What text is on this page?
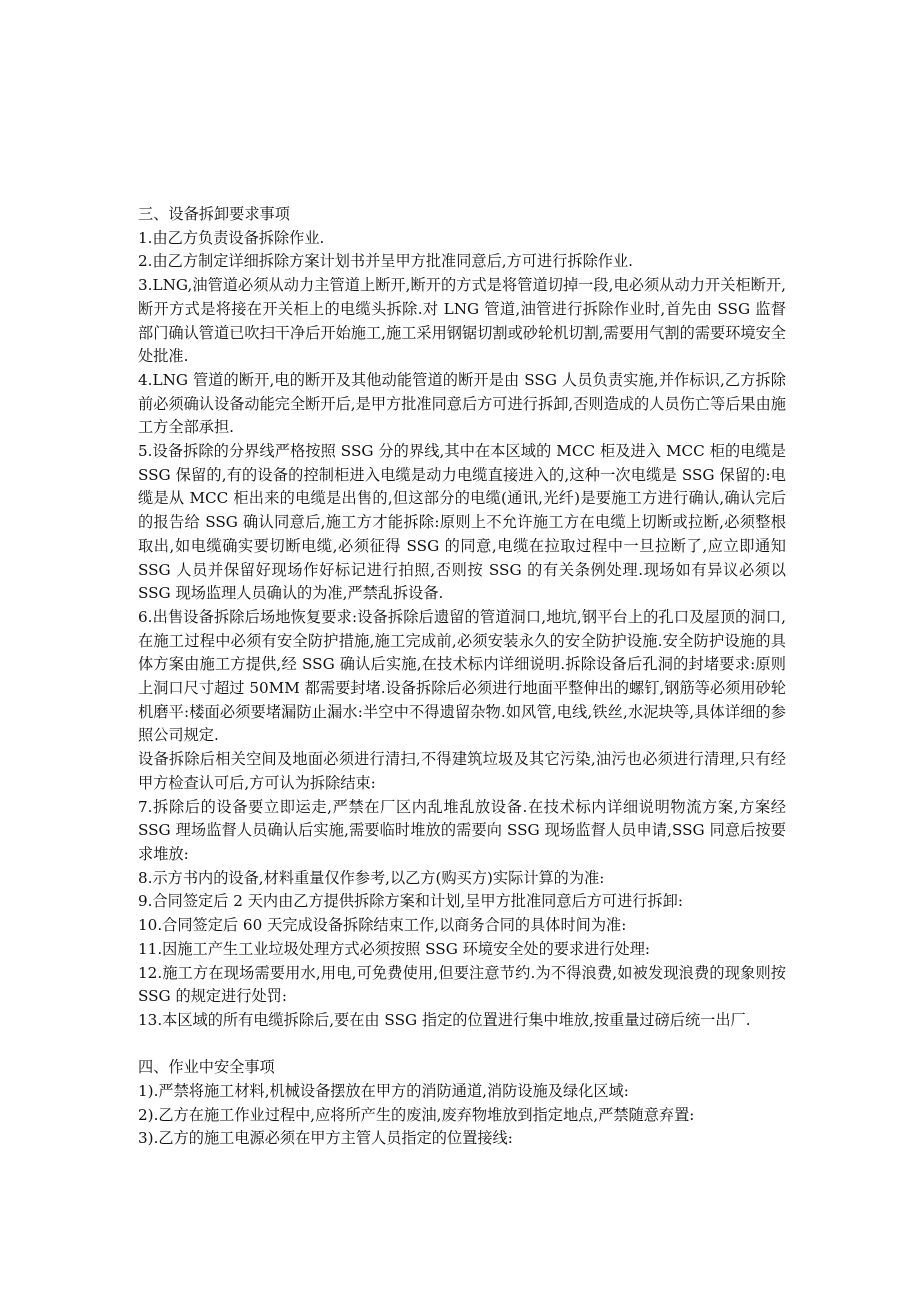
三、设备拆卸要求事项

1.由乙方负责设备拆除作业.

2.由乙方制定详细拆除方案计划书并呈甲方批准同意后,方可进行拆除作业.

3.LNG,油管道必须从动力主管道上断开,断开的方式是将管道切掉一段,电必须从动力开关柜断开,断开方式是将接在开关柜上的电缆头拆除.对 LNG 管道,油管进行拆除作业时,首先由 SSG 监督部门确认管道已吹扫干净后开始施工,施工采用钢锯切割或砂轮机切割,需要用气割的需要环境安全处批准.

4.LNG 管道的断开,电的断开及其他动能管道的断开是由 SSG 人员负责实施,并作标识,乙方拆除前必须确认设备动能完全断开后,是甲方批准同意后方可进行拆卸,否则造成的人员伤亡等后果由施工方全部承担.

5.设备拆除的分界线严格按照 SSG 分的界线,其中在本区域的 MCC 柜及进入 MCC 柜的电缆是 SSG 保留的,有的设备的控制柜进入电缆是动力电缆直接进入的,这种一次电缆是 SSG 保留的:电缆是从 MCC 柜出来的电缆是出售的,但这部分的电缆(通讯,光纤)是要施工方进行确认,确认完后的报告给 SSG 确认同意后,施工方才能拆除:原则上不允许施工方在电缆上切断或拉断,必须整根取出,如电缆确实要切断电缆,必须征得 SSG 的同意,电缆在拉取过程中一旦拉断了,应立即通知 SSG 人员并保留好现场作好标记进行拍照,否则按 SSG 的有关条例处理.现场如有异议必须以 SSG 现场监理人员确认的为准,严禁乱拆设备.

6.出售设备拆除后场地恢复要求:设备拆除后遗留的管道洞口,地坑,钢平台上的孔口及屋顶的洞口,在施工过程中必须有安全防护措施,施工完成前,必须安装永久的安全防护设施.安全防护设施的具体方案由施工方提供,经 SSG 确认后实施,在技术标内详细说明.拆除设备后孔洞的封堵要求:原则上洞口尺寸超过 50MM 都需要封堵.设备拆除后必须进行地面平整伸出的螺钉,钢筋等必须用砂轮机磨平:楼面必须要堵漏防止漏水:半空中不得遗留杂物.如风管,电线,铁丝,水泥块等,具体详细的参照公司规定.

设备拆除后相关空间及地面必须进行清扫,不得建筑垃圾及其它污染,油污也必须进行清理,只有经甲方检查认可后,方可认为拆除结束:

7.拆除后的设备要立即运走,严禁在厂区内乱堆乱放设备.在技术标内详细说明物流方案,方案经 SSG 理场监督人员确认后实施,需要临时堆放的需要向 SSG 现场监督人员申请,SSG 同意后按要求堆放:

8.示方书内的设备,材料重量仅作参考,以乙方(购买方)实际计算的为准:

9.合同签定后 2 天内由乙方提供拆除方案和计划,呈甲方批准同意后方可进行拆卸:

10.合同签定后 60 天完成设备拆除结束工作,以商务合同的具体时间为准:

11.因施工产生工业垃圾处理方式必须按照 SSG 环境安全处的要求进行处理:

12.施工方在现场需要用水,用电,可免费使用,但要注意节约.为不得浪费,如被发现浪费的现象则按 SSG 的规定进行处罚:

13.本区域的所有电缆拆除后,要在由 SSG 指定的位置进行集中堆放,按重量过磅后统一出厂.

四、作业中安全事项

1).严禁将施工材料,机械设备摆放在甲方的消防通道,消防设施及绿化区域:

2).乙方在施工作业过程中,应将所产生的废油,废弃物堆放到指定地点,严禁随意弃置:

3).乙方的施工电源必须在甲方主管人员指定的位置接线:
